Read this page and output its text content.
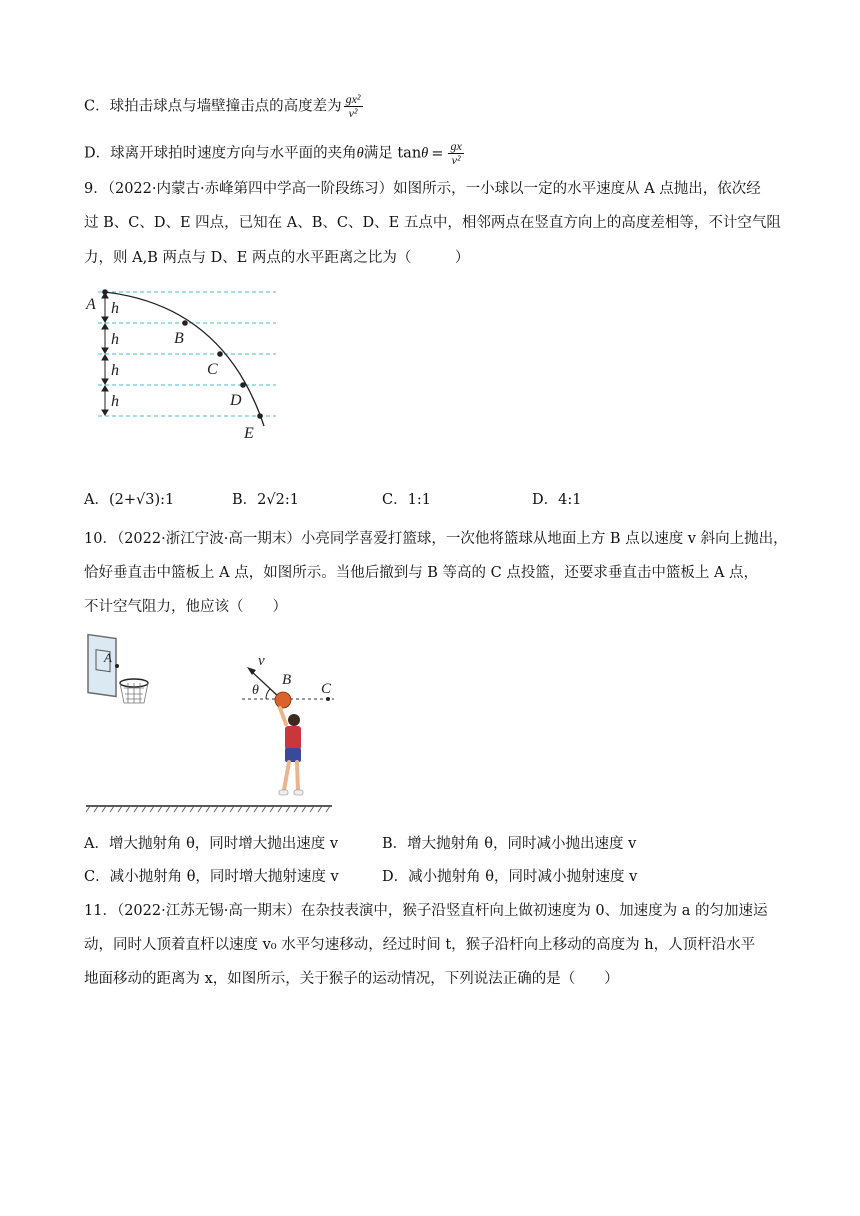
C．球拍击球点与墙壁撞击点的高度差为 $\frac{\text{gx²}}{\text{v²}}$
D．球离开球拍时速度方向与水平面的夹角θ满足 $\tan\theta = \frac{gx}{\text{v²}}$
9．（2022·内蒙古·赤峰第四中学高一阶段练习）如图所示，一小球以一定的水平速度从 A 点抛出，依次经
过 B、C、D、E 四点，已知在 A、B、C、D、E 五点中，相邻两点在竖直方向上的高度差相等，不计空气阻
力，则 A,B 两点与 D、E 两点的水平距离之比为（　　　）
A h
h
h
h
B
C
D
E
A．(2+√3):1	B．2√2:1	C．1:1	D．4:1
10．（2022·浙江宁波·高一期末）小亮同学喜爱打篮球，一次他将篮球从地面上方 B 点以速度 v 斜向上抛出，
恰好垂直击中篮板上 A 点，如图所示。当他后撤到与 B 等高的 C 点投篮，还要求垂直击中篮板上 A 点，
不计空气阻力，他应该（　　）
A
C
v
B
θ
A．增大抛射角 θ，同时增大抛出速度 v	B．增大抛射角 θ，同时减小抛出速度 v
C．减小抛射角 θ，同时增大抛射速度 v	D．减小抛射角 θ，同时减小抛射速度 v
11．（2022·江苏无锡·高一期末）在杂技表演中，猴子沿竖直杆向上做初速度为 0、加速度为 a 的匀加速运
动，同时人顶着直杆以速度 v₀ 水平匀速移动，经过时间 t，猴子沿杆向上移动的高度为 h，人顶杆沿水平
地面移动的距离为 x，如图所示，关于猴子的运动情况，下列说法正确的是（　　）
